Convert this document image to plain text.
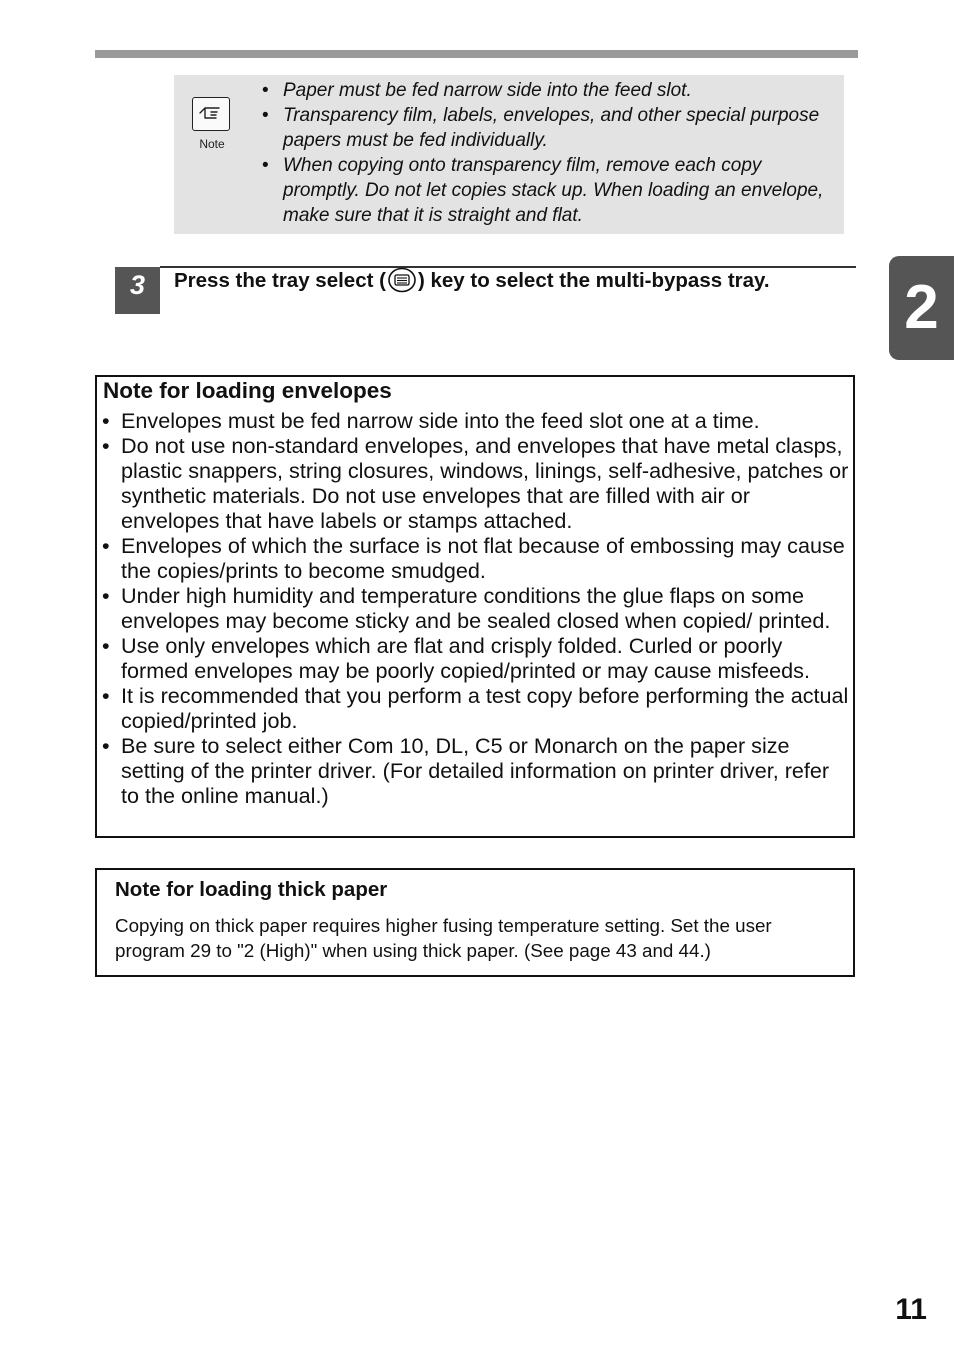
Note
• Paper must be fed narrow side into the feed slot.
• Transparency film, labels, envelopes, and other special purpose papers must be fed individually.
• When copying onto transparency film, remove each copy promptly. Do not let copies stack up. When loading an envelope, make sure that it is straight and flat.
3	Press the tray select ( ) key to select the multi-bypass tray. 2
Note for loading envelopes
• Envelopes must be fed narrow side into the feed slot one at a time.
• Do not use non-standard envelopes, and envelopes that have metal clasps, plastic snappers, string closures, windows, linings, self-adhesive, patches or synthetic materials. Do not use envelopes that are filled with air or envelopes that have labels or stamps attached.
• Envelopes of which the surface is not flat because of embossing may cause the copies/prints to become smudged.
• Under high humidity and temperature conditions the glue flaps on some envelopes may become sticky and be sealed closed when copied/ printed.
• Use only envelopes which are flat and crisply folded. Curled or poorly formed envelopes may be poorly copied/printed or may cause misfeeds.
• It is recommended that you perform a test copy before performing the actual copied/printed job.
• Be sure to select either Com 10, DL, C5 or Monarch on the paper size setting of the printer driver. (For detailed information on printer driver, refer to the online manual.)
Note for loading thick paper
Copying on thick paper requires higher fusing temperature setting. Set the user program 29 to "2 (High)" when using thick paper. (See page 43 and 44.)
11
